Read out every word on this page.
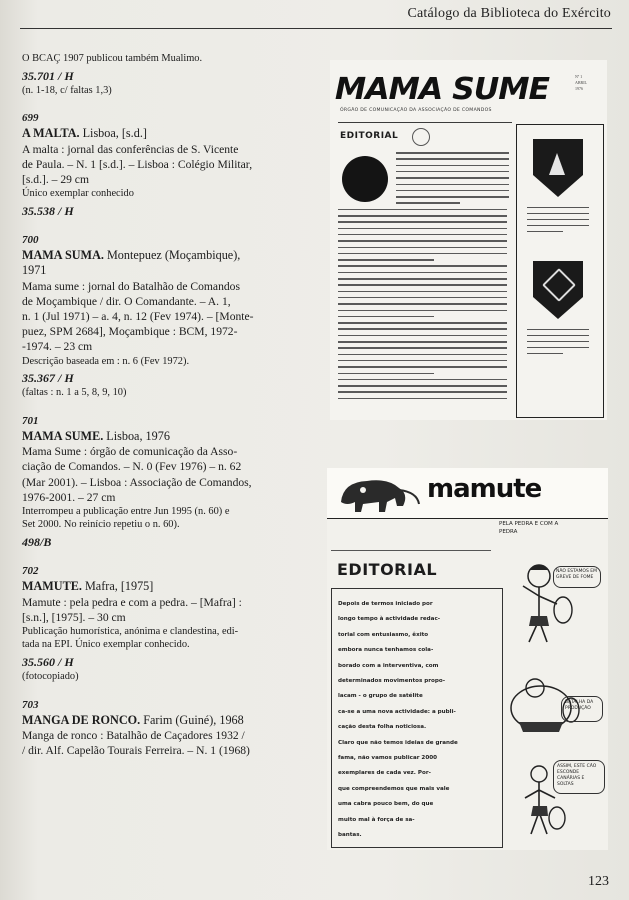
Catálogo da Biblioteca do Exército

O BCAÇ 1907 publicou também Mualimo.

35.701 / H

(n. 1-18, c/ faltas 1,3)

699

A MALTA. Lisboa, [s.d.]

A malta : jornal das conferências de S. Vicente

de Paula. – N. 1 [s.d.]. – Lisboa : Colégio Militar,

[s.d.]. – 29 cm

Único exemplar conhecido

35.538 / H

700

MAMA SUMA. Montepuez (Moçambique),

1971

Mama sume : jornal do Batalhão de Comandos

de Moçambique / dir. O Comandante. – A. 1,

n. 1 (Jul 1971) – a. 4, n. 12 (Fev 1974). – [Monte-

puez, SPM 2684], Moçambique : BCM, 1972-

-1974. – 23 cm

Descrição baseada em : n. 6 (Fev 1972).

35.367 / H

(faltas : n. 1 a 5, 8, 9, 10)

701

MAMA SUME. Lisboa, 1976

Mama Sume : órgão de comunicação da Asso-

ciação de Comandos. – N. 0 (Fev 1976) – n. 62

(Mar 2001). – Lisboa : Associação de Comandos,

1976-2001. – 27 cm

Interrompeu a publicação entre Jun 1995 (n. 60) e

Set 2000. No reinício repetiu o n. 60).

498/B

702

MAMUTE. Mafra, [1975]

Mamute : pela pedra e com a pedra. – [Mafra] :

[s.n.], [1975]. – 30 cm

Publicação humorística, anónima e clandestina, edi-

tada na EPI. Único exemplar conhecido.

35.560 / H

(fotocopiado)

703

MANGA DE RONCO. Farim (Guiné), 1968

Manga de ronco : Batalhão de Caçadores 1932 /

/ dir. Alf. Capelão Tourais Ferreira. – N. 1 (1968)

MAMA SUME
ÓRGÃO DE COMUNICAÇÃO DA ASSOCIAÇÃO DE COMANDOS
Nº 1
ABRIL
1976
EDITORIAL
mamute
PELA PEDRA E COM A PEDRA
EDITORIAL
Depois de termos iniciado por
longo tempo à actividade redac-
torial com entusiasmo, êxito
embora nunca tenhamos cola-
borado com a interventiva, com
determinados movimentos propo-
lacam - o grupo de satélite
ca-se a uma nova actividade: a publi-
cação desta folha noticiosa.
Claro que não temos ideias de grande
fama, não vamos publicar 2000
exemplares de cada vez. Por-
que compreendemos que mais vale
uma cabra pouco bem, do que
muito mal à força de sa-
bantas.
NÃO ESTAMOS EM GREVE DE FOME
BATALHA DA PRODUÇÃO
ASSIM, ESTE CÃO ESCONDE CANÁRIAS E SOLTAS
123
